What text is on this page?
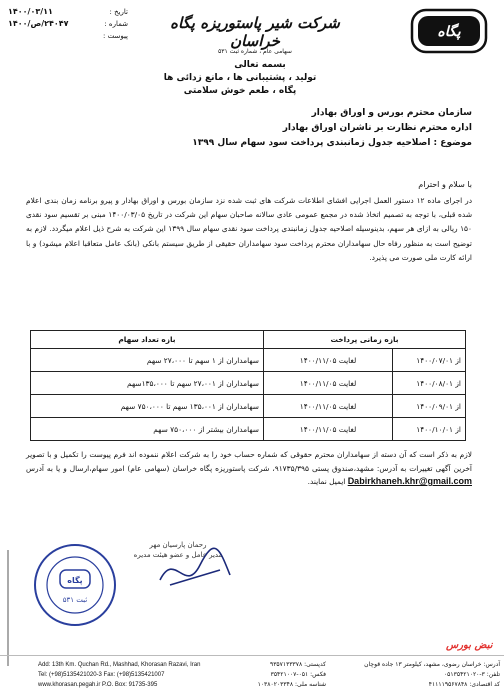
پگاه
شرکت شیر پاستوریزه پگاه خراسان
سهامی عام ، شماره ثبت ۵۳۱
تاریخ :
۱۴۰۰/۰۳/۱۱
شماره :
۲۴۰۴۷/ص/۱۴۰۰
پیوست :
بسمه تعالی
تولید ، پشتیبانی ها ، مانع زدائی ها
پگاه ، طعم خوش سلامتی
سازمان محترم بورس و اوراق بهادار
اداره محترم نظارت بر ناشران اوراق بهادار
موضوع : اصلاحیه جدول زمانبندی پرداخت سود سهام سال ۱۳۹۹
با سلام و احترام
در اجرای ماده ۱۲ دستور العمل اجرایی افشای اطلاعات شرکت های ثبت شده نزد سازمان بورس و اوراق بهادار و پیرو برنامه زمان بندی اعلام شده قبلی، با توجه به تصمیم اتخاذ شده در مجمع عمومی عادی سالانه صاحبان سهام این شرکت در تاریخ ۱۴۰۰/۰۳/۰۵ مبنی بر تقسیم سود نقدی ۱۵۰ ریالی به ازای هر سهم، بدینوسیله اصلاحیه جدول زمانبندی پرداخت سود نقدی سهام سال ۱۳۹۹ این شرکت به شرح ذیل اعلام میگردد. لازم به توضیح است به منظور رفاه حال سهامداران محترم پرداخت سود سهامداران حقیقی از طریق سیستم بانکی (بانک عامل متعاقبا اعلام میشود) و با ارائه کارت ملی صورت می پذیرد.
بازه زمانی پرداخت		بازه تعداد سهام
از ۱۴۰۰/۰۷/۰۱	لغایت ۱۴۰۰/۱۱/۰۵	سهامداران از ۱ سهم تا ۲۷،۰۰۰ سهم
از ۱۴۰۰/۰۸/۰۱	لغایت ۱۴۰۰/۱۱/۰۵	سهامداران از ۲۷،۰۰۱ سهم تا ۱۳۵،۰۰۰سهم
از ۱۴۰۰/۰۹/۰۱	لغایت ۱۴۰۰/۱۱/۰۵	سهامداران از ۱۳۵،۰۰۱ سهم تا ۷۵۰،۰۰۰ سهم
از ۱۴۰۰/۱۰/۰۱	لغایت ۱۴۰۰/۱۱/۰۵	سهامداران بیشتر از ۷۵۰،۰۰۰ سهم
لازم به ذکر است که آن دسته از سهامداران محترم حقوقی که شماره حساب خود را به شرکت اعلام ننموده اند فرم پیوست را تکمیل و با تصویر آخرین آگهی تغییرات به آدرس: مشهد،صندوق پستی ۹۱۷۳۵/۳۹۵، شرکت پاستوریزه پگاه خراسان (سهامی عام) امور سهام،ارسال و یا به آدرس Dabirkhaneh.khr@gmail.com ایمیل نمایند.
پگاه
ثبت ۵۳۱
رحمان پارسیان مهر
مدیر عامل و عضو هیئت مدیره
نبض بورس
Add: 13th Km. Quchan Rd., Mashhad, Khorasan Razavi, Iran
Tel: (+98)5135421020-3 Fax: (+98)5135421007
www.khorasan.pegah.ir P.O. Box: 91735-395
کدپستی: ۹۳۵۷۱۳۳۳۷۸
فکس: ۰۵۱-۳۵۴۲۱۰۰۷
شناسه ملی: ۱۰۳۸۰۲۰۳۳۴۸
آدرس: خراسان رضوی، مشهد، کیلومتر ۱۳ جاده قوچان
تلفن: ۳-۰۵۱۳۵۴۲۱۰۲۰
کد اقتصادی: ۴۱۱۱۱۹۵۶۷۸۴۸
